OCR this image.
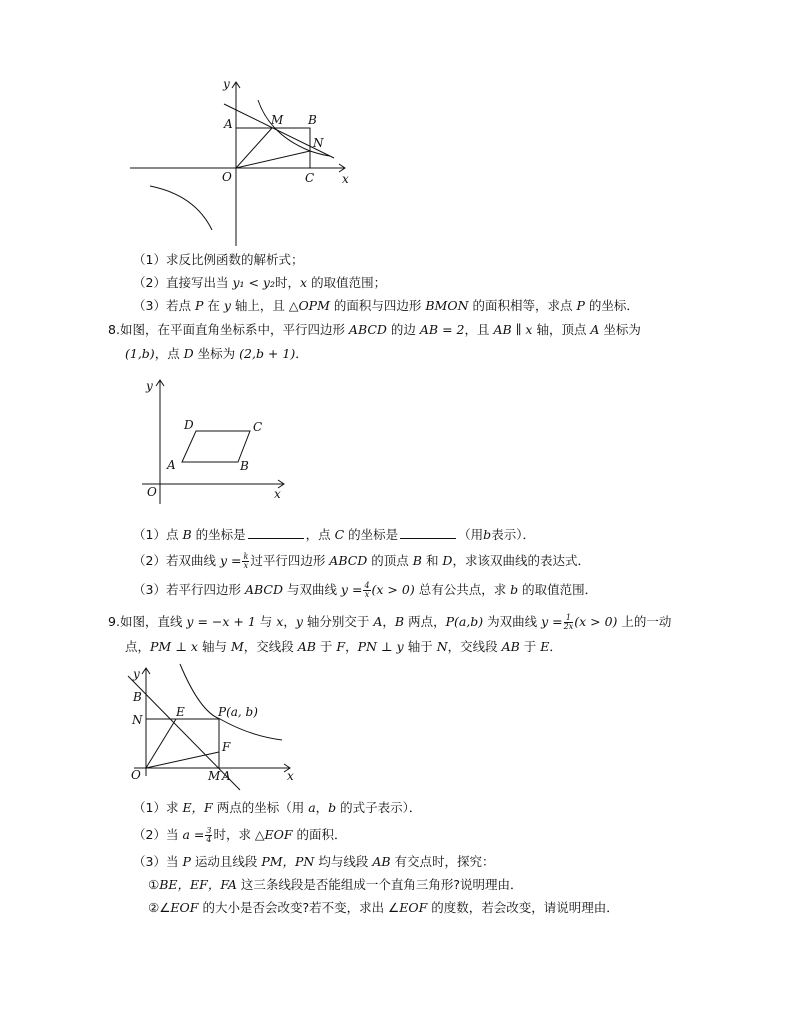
y
x
O
A	B
C
M
N
（1）求反比例函数的解析式；
（2）直接写出当 y₁ < y₂时，x 的取值范围；
（3）若点 P 在 y 轴上，且 △OPM 的面积与四边形 BMON 的面积相等，求点 P 的坐标．
8.如图，在平面直角坐标系中，平行四边形 ABCD 的边 AB = 2，且 AB ∥ x 轴，顶点 A 坐标为
(1,b)，点 D 坐标为 (2,b + 1)．
y
x
O
A	B
C
D
（1）点 B 的坐标是	，点 C 的坐标是	（用b表示）．
（2）若双曲线 $y = \frac{k}{x}$ 过平行四边形 ABCD 的顶点 B 和 D，求该双曲线的表达式．
（3）若平行四边形 ABCD 与双曲线 $y = \frac{4}{x} (x > 0)$ 总有公共点，求 b 的取值范围．
9.如图，直线 y = −x + 1 与 x，y 轴分别交于 A，B 两点，P(a,b) 为双曲线 $y = \frac{1}{2x} (x > 0)$ 上的一动
点，PM ⊥ x 轴与 M，交线段 AB 于 F，PN ⊥ y 轴于 N，交线段 AB 于 E．
y
x
O
B
N
E	P(a, b)
F
M A
（1）求 E，F 两点的坐标（用 a，b 的式子表示）．
（2）当 $a = \frac{3}{4}$ 时，求 △EOF 的面积．
（3）当 P 运动且线段 PM，PN 均与线段 AB 有交点时，探究：
①BE，EF，FA 这三条线段是否能组成一个直角三角形?说明理由．
②∠EOF 的大小是否会改变?若不变，求出 ∠EOF 的度数，若会改变，请说明理由．
